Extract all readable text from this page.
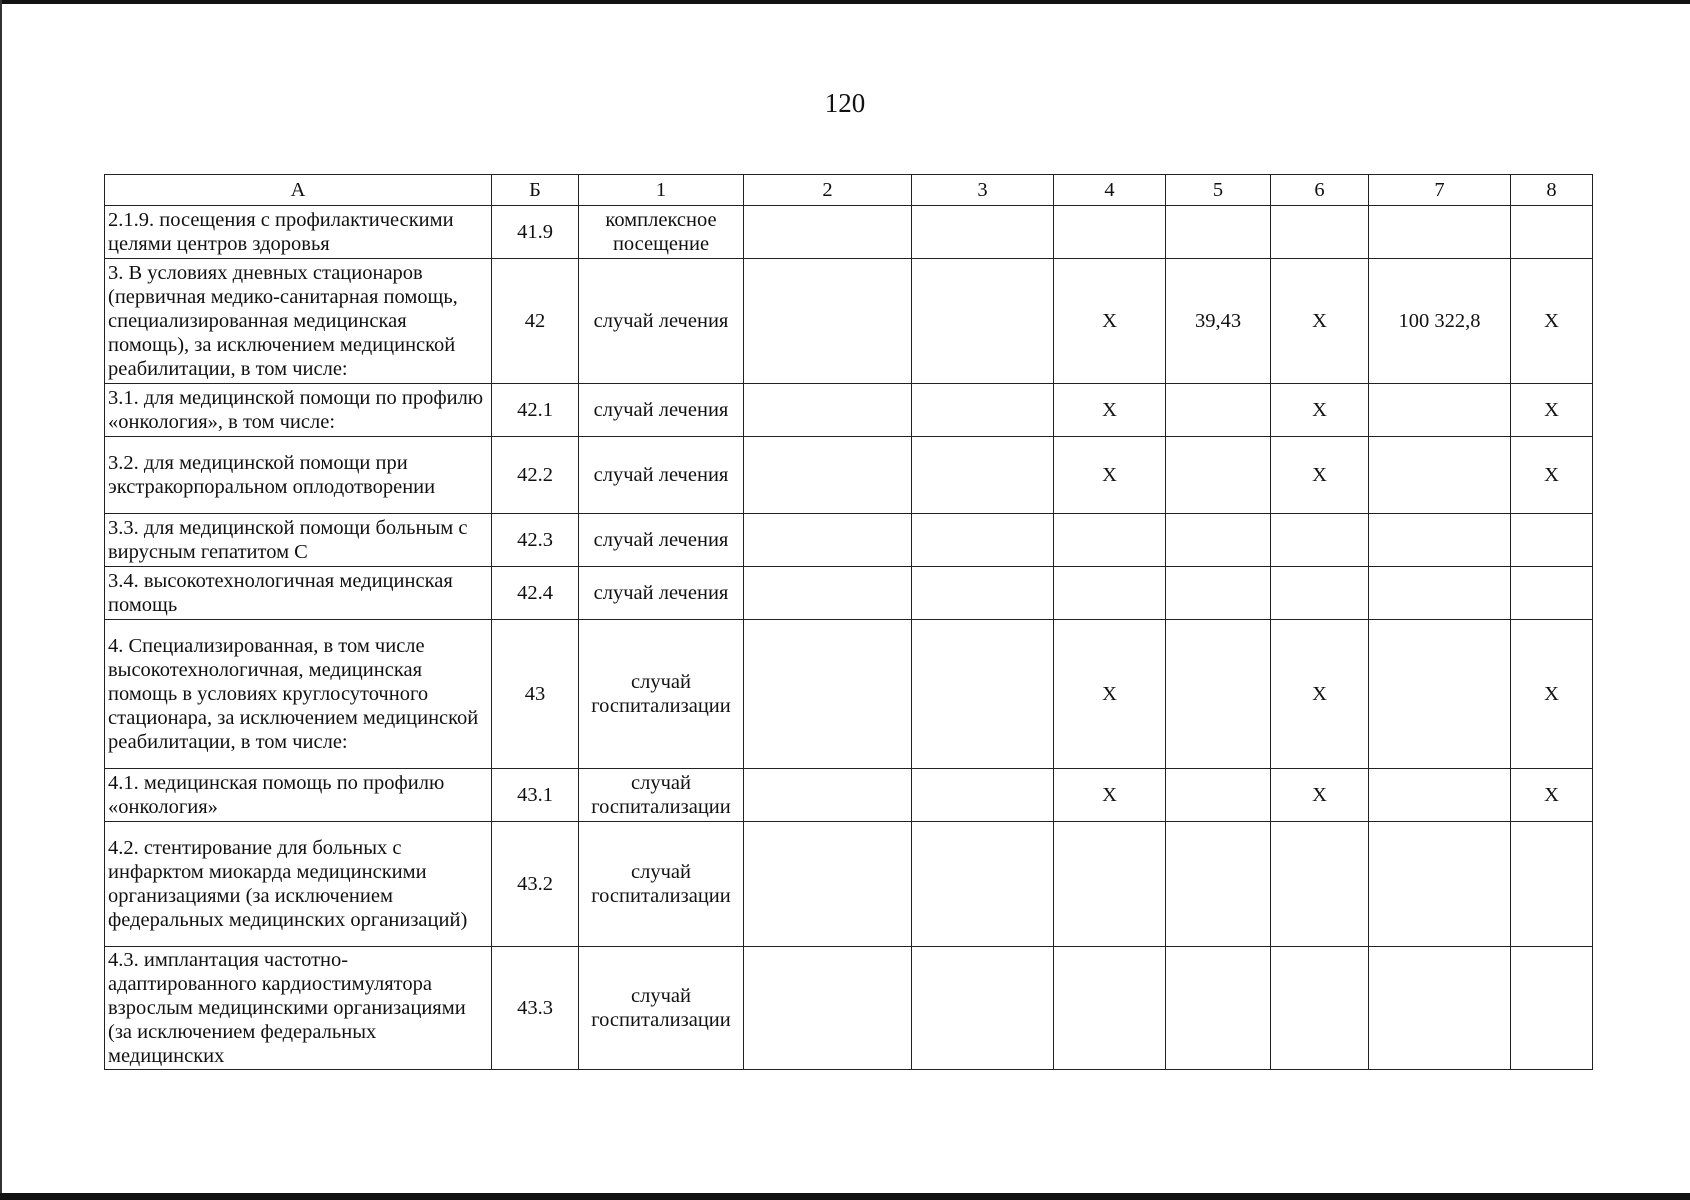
120
А	Б	1	2	3	4	5	6	7	8
2.1.9. посещения с профилактическими целями центров здоровья	41.9	комплексное посещение							
3. В условиях дневных стационаров (первичная медико-санитарная помощь, специализированная медицинская помощь), за исключением медицинской реабилитации, в том числе:	42	случай лечения			X	39,43	X	100 322,8	X
3.1. для медицинской помощи по профилю «онкология», в том числе:	42.1	случай лечения			X		X		X
3.2. для медицинской помощи при экстракорпоральном оплодотворении	42.2	случай лечения			X		X		X
3.3. для медицинской помощи больным с вирусным гепатитом С	42.3	случай лечения							
3.4. высокотехнологичная медицинская помощь	42.4	случай лечения							
4. Специализированная, в том числе высокотехнологичная, медицинская помощь в условиях круглосуточного стационара, за исключением медицинской реабилитации, в том числе:	43	случай госпитализации			X		X		X
4.1. медицинская помощь по профилю «онкология»	43.1	случай госпитализации			X		X		X
4.2. стентирование для больных с инфарктом миокарда медицинскими организациями (за исключением федеральных медицинских организаций)	43.2	случай госпитализации							
4.3. имплантация частотно-адаптированного кардиостимулятора взрослым медицинскими организациями (за исключением федеральных медицинских	43.3	случай госпитализации							
